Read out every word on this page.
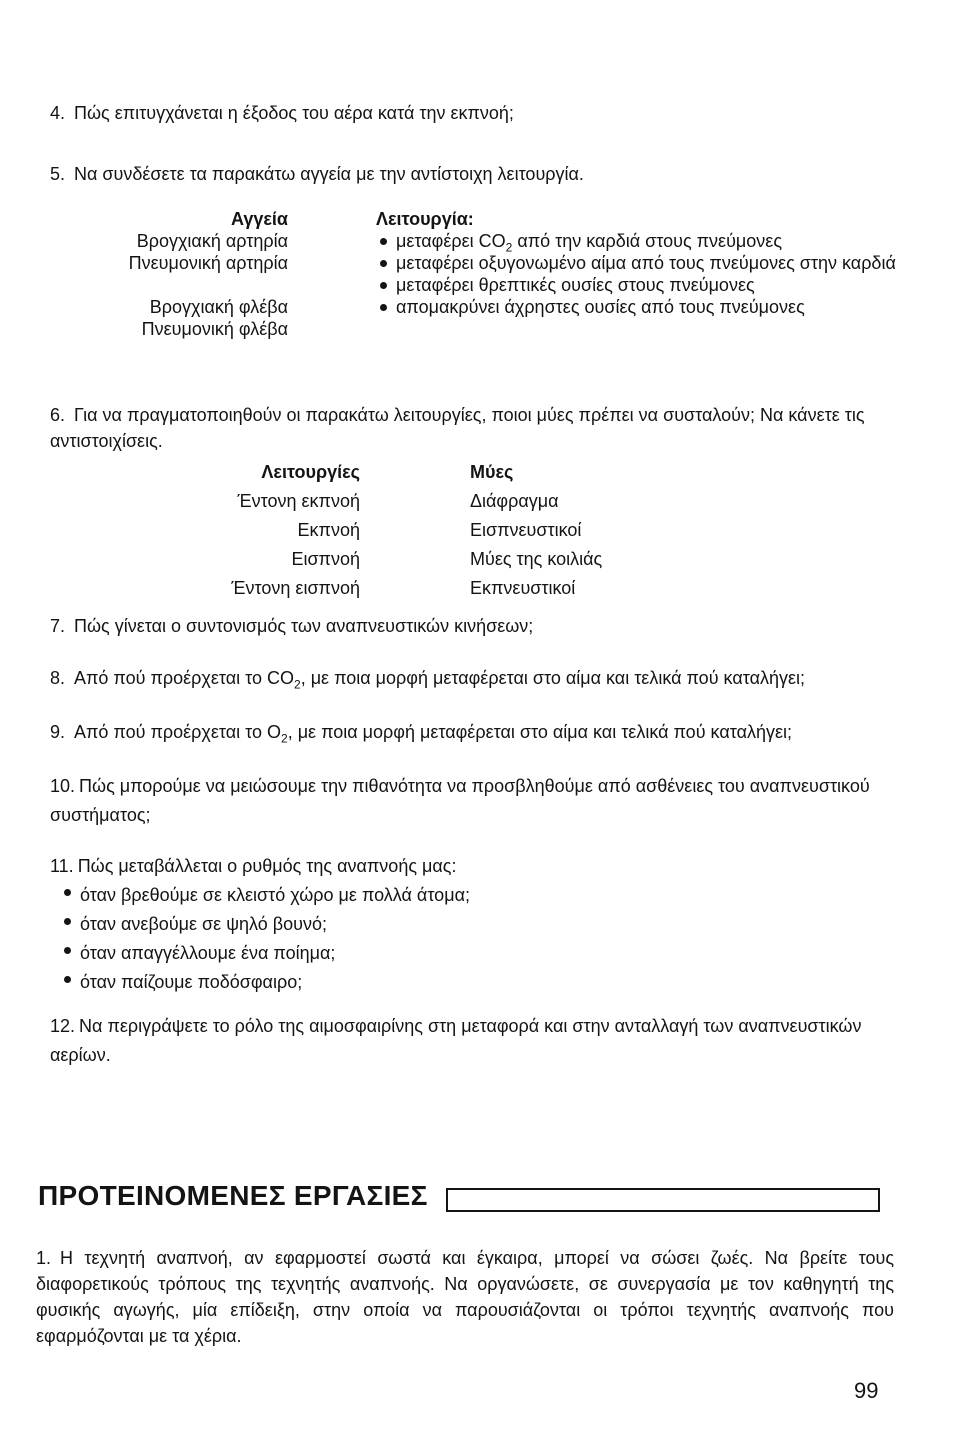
4. Πώς επιτυγχάνεται η έξοδος του αέρα κατά την εκπνοή;
5. Να συνδέσετε τα παρακάτω αγγεία με την αντίστοιχη λειτουργία.
Αγγεία
Βρογχιακή αρτηρία
Πνευμονική αρτηρία
Βρογχιακή φλέβα
Πνευμονική φλέβα
Λειτουργία:
μεταφέρει $CO_2$ από την καρδιά στους πνεύμονες
μεταφέρει οξυγονωμένο αίμα από τους πνεύμονες στην καρδιά
μεταφέρει θρεπτικές ουσίες στους πνεύμονες
απομακρύνει άχρηστες ουσίες από τους πνεύμονες
6. Για να πραγματοποιηθούν οι παρακάτω λειτουργίες, ποιοι μύες πρέπει να συσταλούν; Να κάνετε τις αντιστοιχίσεις.
Λειτουργίες
Έντονη εκπνοή
Εκπνοή
Εισπνοή
Έντονη εισπνοή
Μύες
Διάφραγμα
Εισπνευστικοί
Μύες της κοιλιάς
Εκπνευστικοί
7. Πώς γίνεται ο συντονισμός των αναπνευστικών κινήσεων;
8. Από πού προέρχεται το $CO_2$, με ποια μορφή μεταφέρεται στο αίμα και τελικά πού καταλήγει;
9. Από πού προέρχεται το $O_2$, με ποια μορφή μεταφέρεται στο αίμα και τελικά πού καταλήγει;
10. Πώς μπορούμε να μειώσουμε την πιθανότητα να προσβληθούμε από ασθένειες του αναπνευστικού συστήματος;
11. Πώς μεταβάλλεται ο ρυθμός της αναπνοής μας:
όταν βρεθούμε σε κλειστό χώρο με πολλά άτομα;
όταν ανεβούμε σε ψηλό βουνό;
όταν απαγγέλλουμε ένα ποίημα;
όταν παίζουμε ποδόσφαιρο;
12. Να περιγράψετε το ρόλο της αιμοσφαιρίνης στη μεταφορά και στην ανταλλαγή των αναπνευστικών αερίων.
ΠΡΟΤΕΙΝΟΜΕΝΕΣ ΕΡΓΑΣΙΕΣ
1. Η τεχνητή αναπνοή, αν εφαρμοστεί σωστά και έγκαιρα, μπορεί να σώσει ζωές. Να βρείτε τους διαφορετικούς τρόπους της τεχνητής αναπνοής. Να οργανώσετε, σε συνεργασία με τον καθηγητή της φυσικής αγωγής, μία επίδειξη, στην οποία να παρουσιάζονται οι τρόποι τεχνητής αναπνοής που εφαρμόζονται με τα χέρια.
99
